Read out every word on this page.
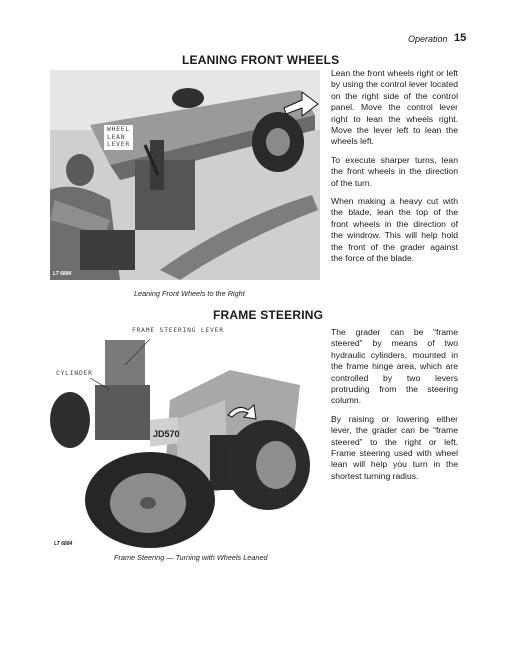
Operation 15
LEANING FRONT WHEELS
LT 6884
WHEEL
LEAN
LEVER

Lean the front wheels right or left by using the control lever located on the right side of the control panel. Move the control lever right to lean the wheels right. Move the lever left to lean the wheels left.

To execute sharper turns, lean the front wheels in the direction of the turn.

When making a heavy cut with the blade, lean the top of the front wheels in the direction of the windrow. This will help hold the front of the grader against the force of the blade.

Leaning Front Wheels to the Right
FRAME STEERING
JD570
FRAME STEERING LEVER
CYLINDER
LT 6884

The grader can be “frame steered” by means of two hydraulic cylinders, mounted in the frame hinge area, which are controlled by two levers protruding from the steering column.

By raising or lowering either lever, the grader can be “frame steered” to the right or left. Frame steering used with wheel lean will help you turn in the shortest turning radius.

Frame Steering — Turning with Wheels Leaned
